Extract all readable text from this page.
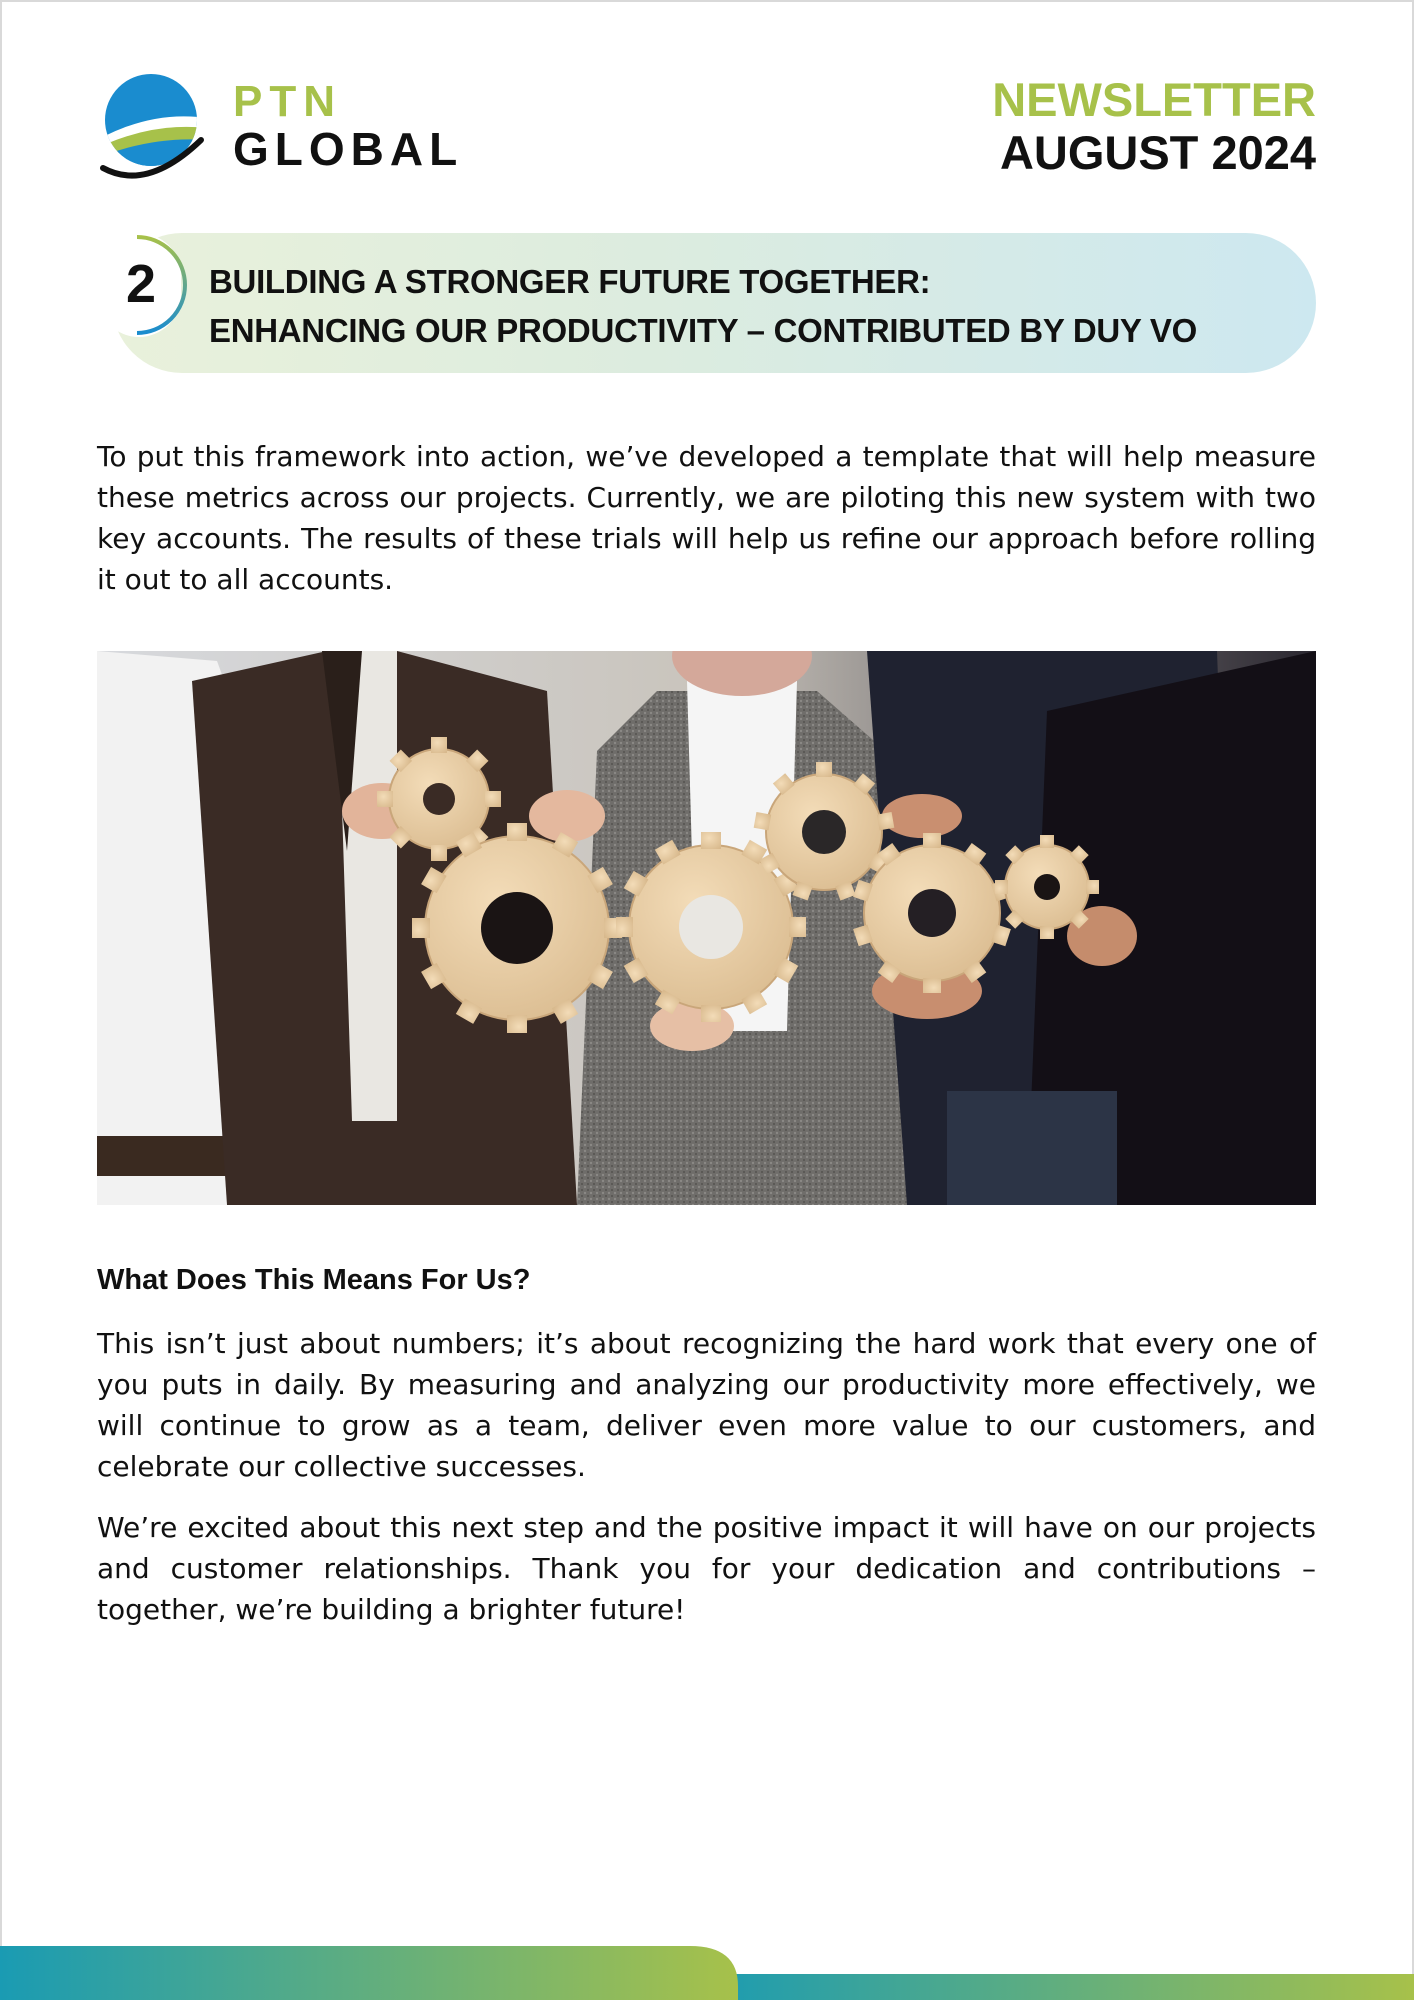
PTN
GLOBAL
NEWSLETTER
AUGUST 2024
2	BUILDING A STRONGER FUTURE TOGETHER:
ENHANCING OUR PRODUCTIVITY – CONTRIBUTED BY DUY VO

To put this framework into action, we’ve developed a template that will help measure these metrics across our projects. Currently, we are piloting this new system with two key accounts. The results of these trials will help us refine our approach before rolling it out to all accounts.

What Does This Means For Us?

This isn’t just about numbers; it’s about recognizing the hard work that every one of you puts in daily. By measuring and analyzing our productivity more effectively, we will continue to grow as a team, deliver even more value to our customers, and celebrate our collective successes.

We’re excited about this next step and the positive impact it will have on our projects and customer relationships. Thank you for your dedication and contributions – together, we’re building a brighter future!
